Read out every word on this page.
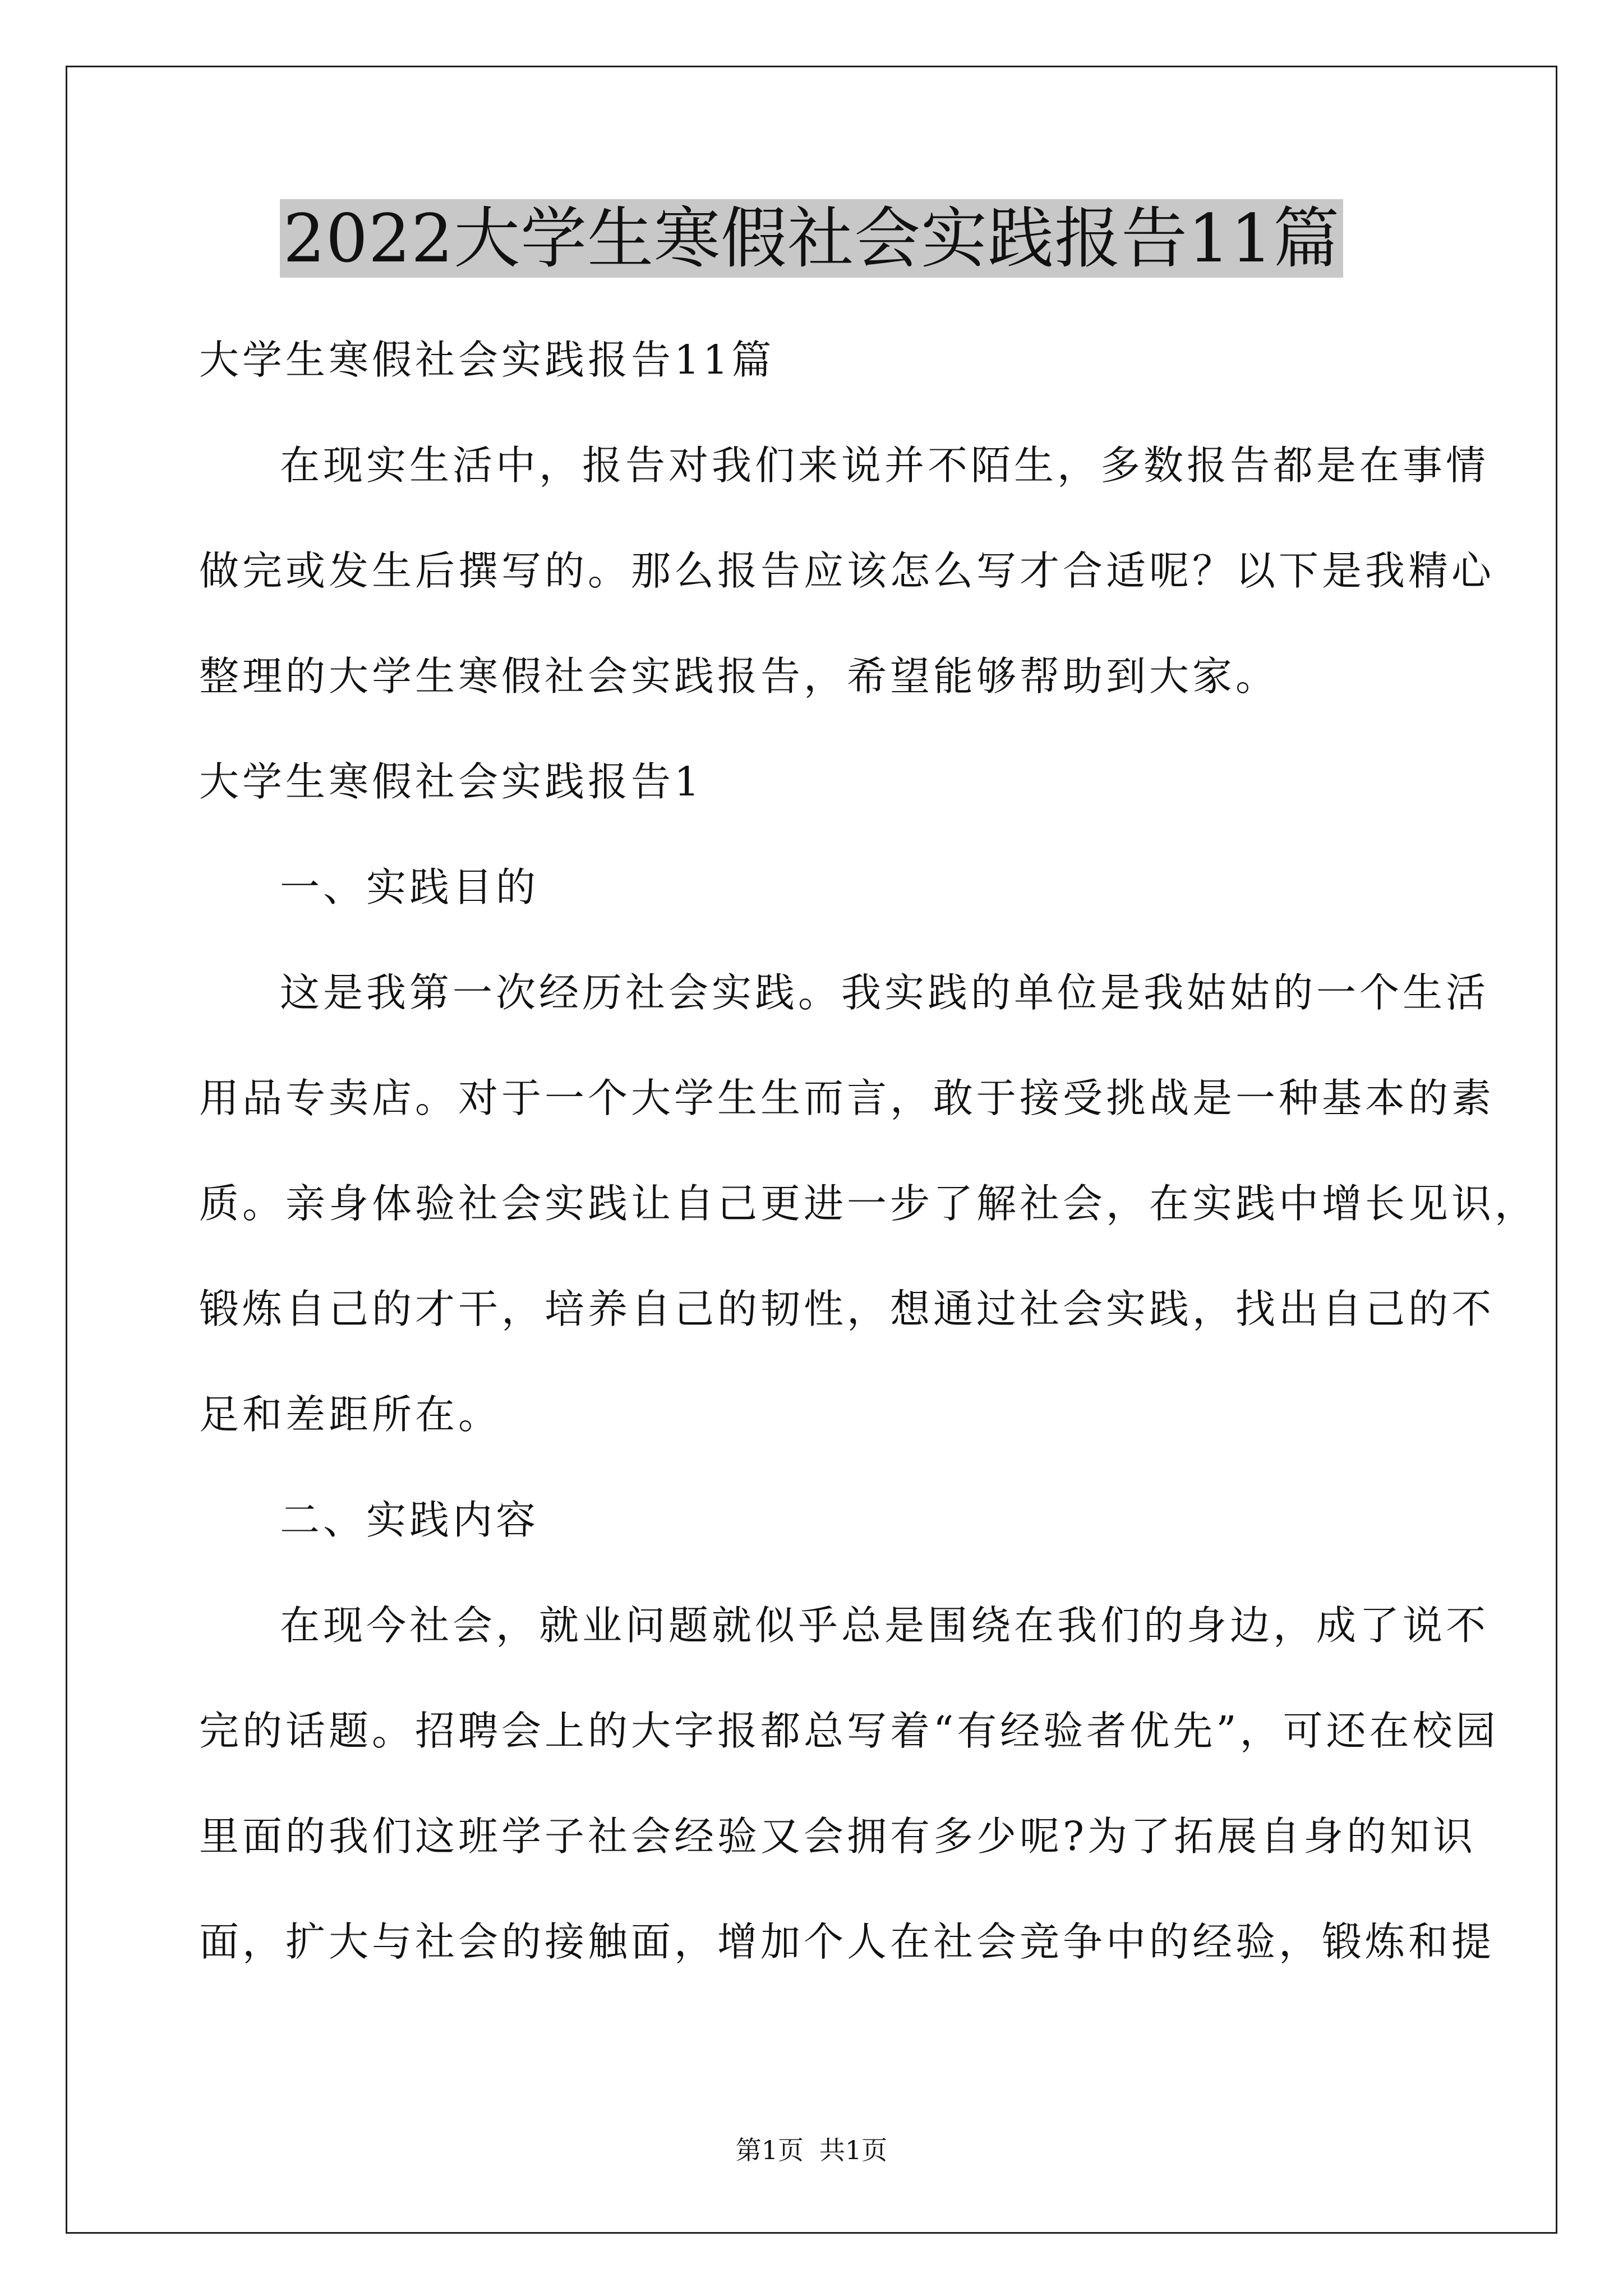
2022大学生寒假社会实践报告11篇
大学生寒假社会实践报告11篇
在现实生活中，报告对我们来说并不陌生，多数报告都是在事情
做完或发生后撰写的。那么报告应该怎么写才合适呢？以下是我精心
整理的大学生寒假社会实践报告，希望能够帮助到大家。
大学生寒假社会实践报告1
一、实践目的
这是我第一次经历社会实践。我实践的单位是我姑姑的一个生活
用品专卖店。对于一个大学生生而言，敢于接受挑战是一种基本的素
质。亲身体验社会实践让自己更进一步了解社会，在实践中增长见识，
锻炼自己的才干，培养自己的韧性，想通过社会实践，找出自己的不
足和差距所在。
二、实践内容
在现今社会，就业问题就似乎总是围绕在我们的身边，成了说不
完的话题。招聘会上的大字报都总写着“有经验者优先”，可还在校园
里面的我们这班学子社会经验又会拥有多少呢?为了拓展自身的知识
面，扩大与社会的接触面，增加个人在社会竞争中的经验，锻炼和提
第1页 共1页
